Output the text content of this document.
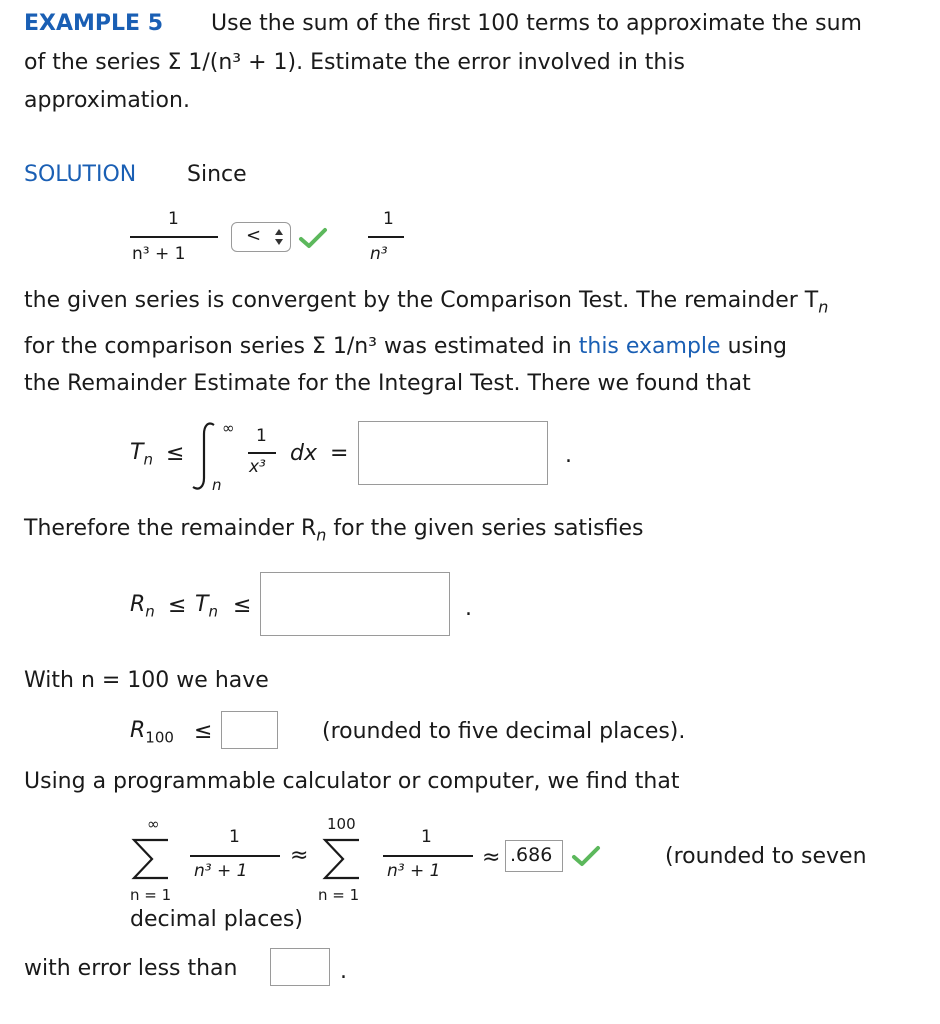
EXAMPLE 5 Use the sum of the first 100 terms to approximate the sum
of the series Σ 1/(n³ + 1). Estimate the error involved in this
approximation.
SOLUTION Since
1
n³ + 1
<
1
n³
the given series is convergent by the Comparison Test. The remainder $T_n$
for the comparison series Σ 1/n³ was estimated in this example using
the Remainder Estimate for the Integral Test. There we found that
$T_n$ ≤
∞
n
1
x³
dx =	.
Therefore the remainder $R_n$ for the given series satisfies
$R_n \le T_n$ ≤	.
With n = 100 we have
$R_{100}$ ≤	(rounded to five decimal places).
Using a programmable calculator or computer, we find that
∞
n = 1
1
n³ + 1
≈
100
n = 1
1
n³ + 1
≈ .686	(rounded to seven
decimal places)
with error less than	.
